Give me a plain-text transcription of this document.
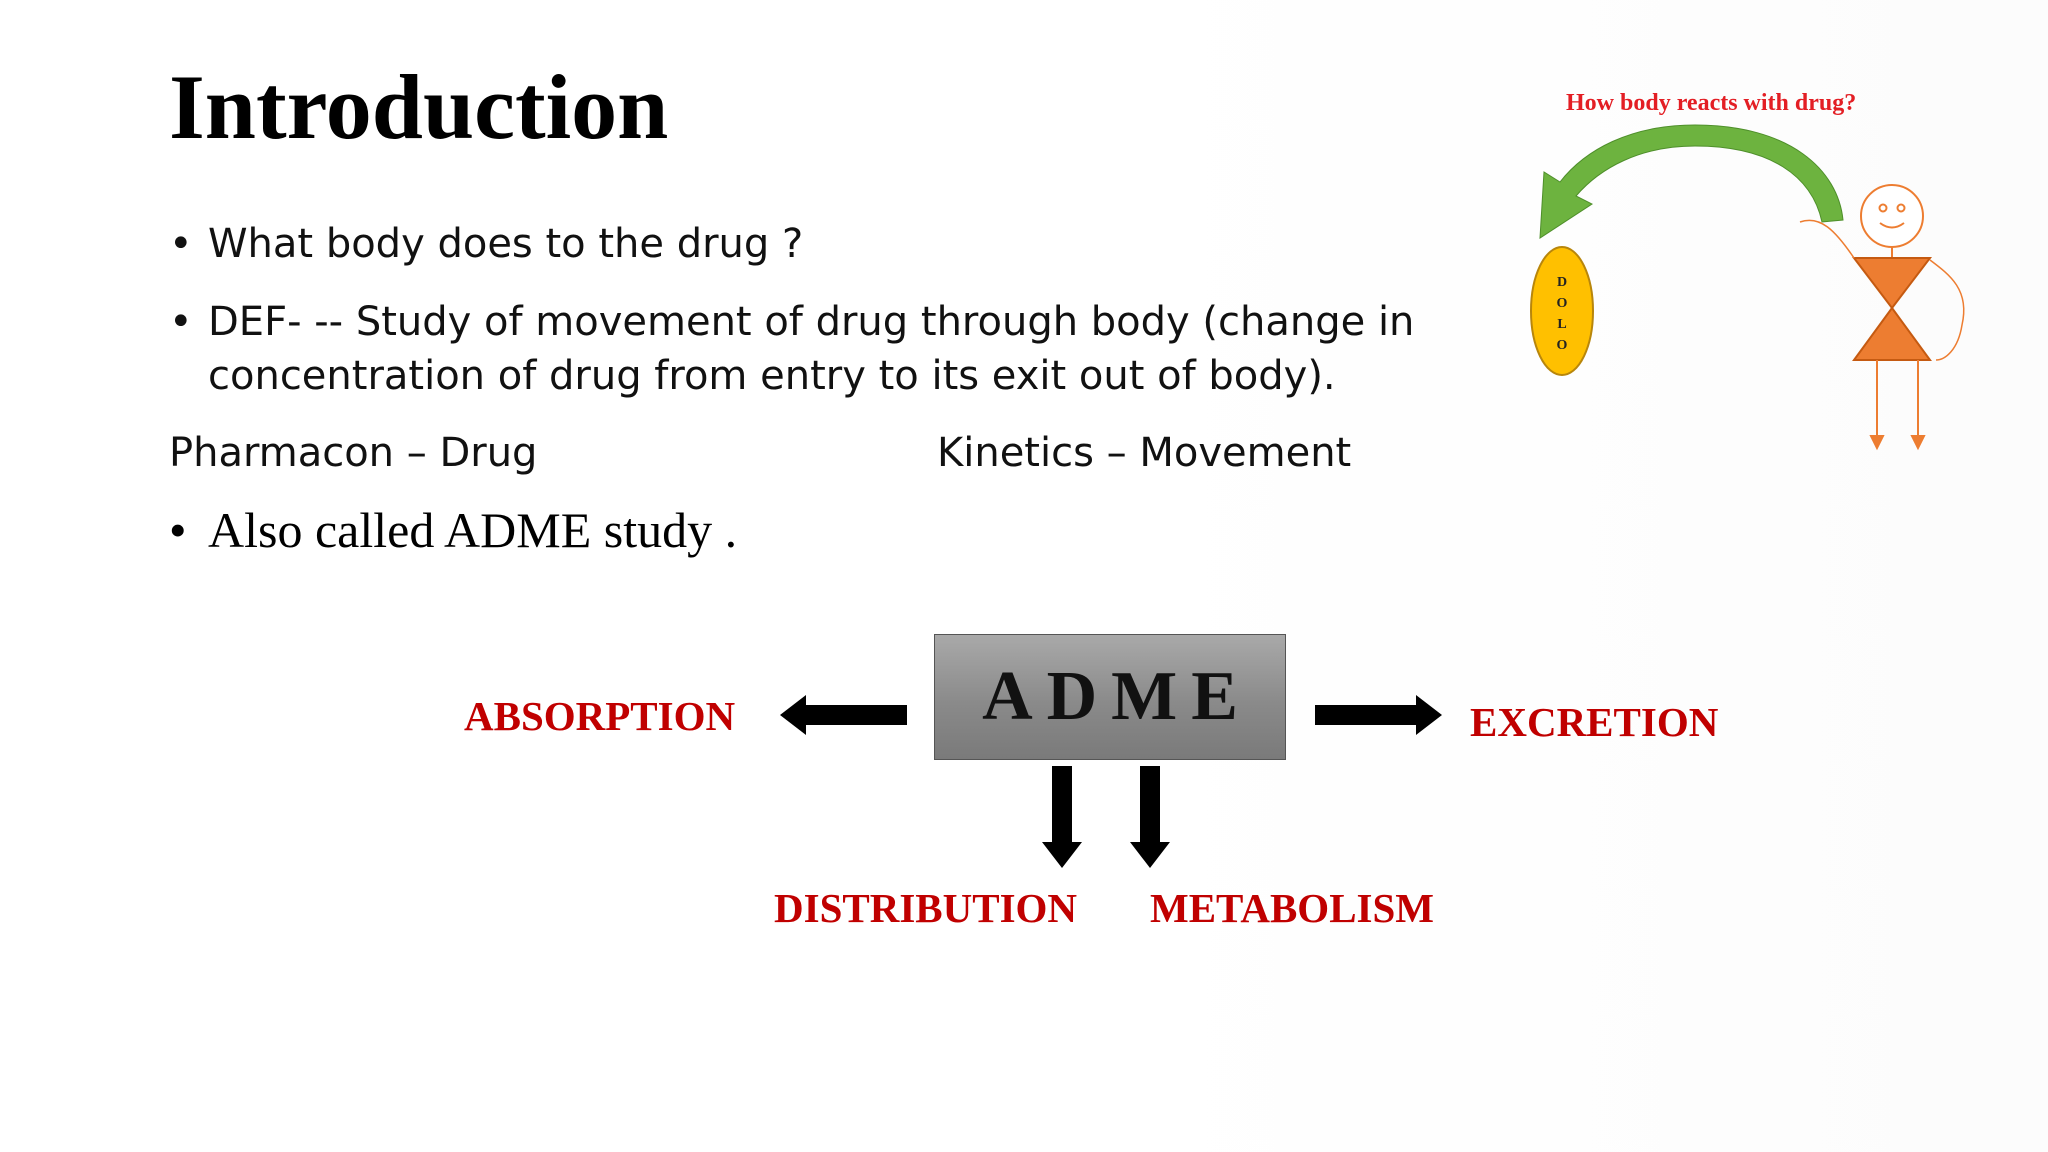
Introduction
• What body does to the drug ?
• DEF- -- Study of movement of drug through body (change in
concentration of drug from entry to its exit out of body).
Pharmacon – Drug	Kinetics – Movement
• Also called ADME study .
How body reacts with drug?
D
O
L
O
ADME
ABSORPTION	EXCRETION
DISTRIBUTION METABOLISM
